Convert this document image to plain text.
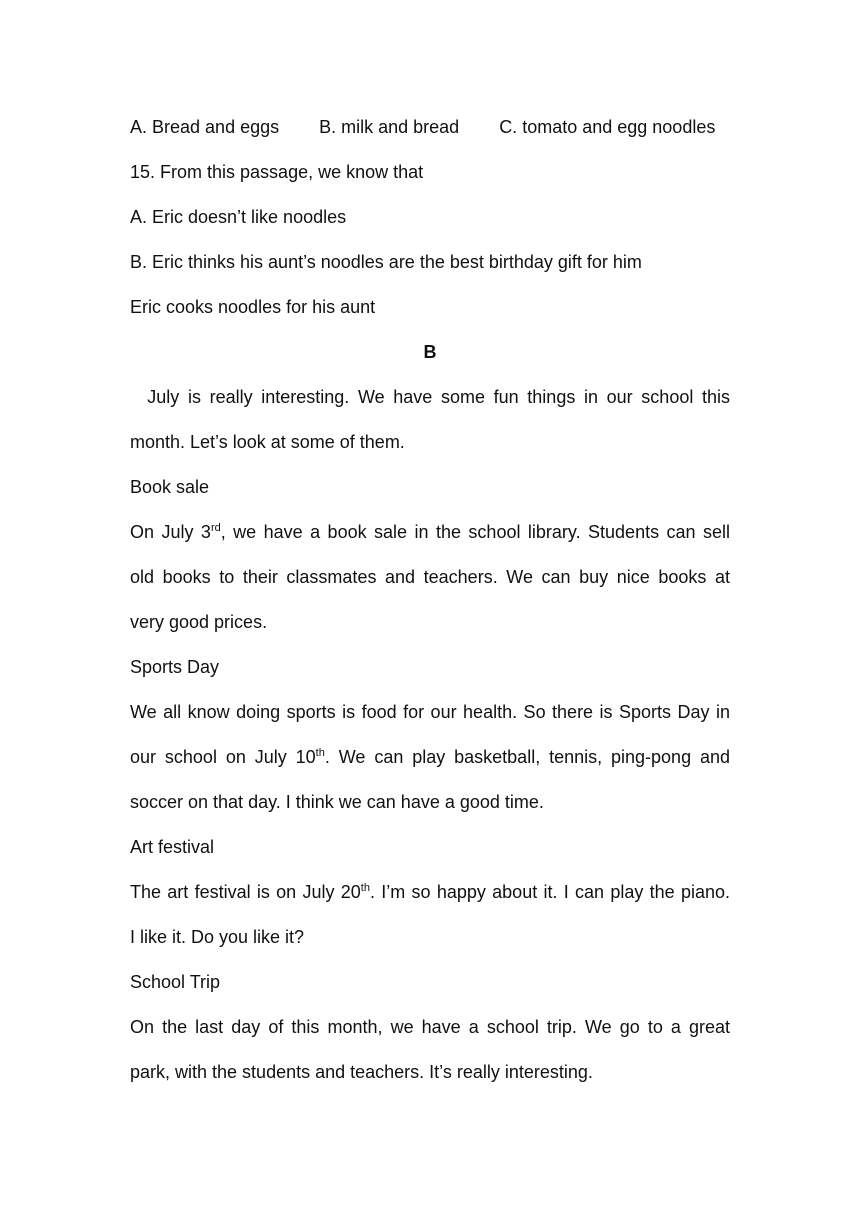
A. Bread and eggs B. milk and bread C. tomato and egg noodles
15. From this passage, we know that
A. Eric doesn’t like noodles
B. Eric thinks his aunt’s noodles are the best birthday gift for him
Eric cooks noodles for his aunt
B
July is really interesting. We have some fun things in our school this
month. Let’s look at some of them.
Book sale
On July 3rd, we have a book sale in the school library. Students can sell
old books to their classmates and teachers. We can buy nice books at
very good prices.
Sports Day
We all know doing sports is food for our health. So there is Sports Day in
our school on July 10th. We can play basketball, tennis, ping-pong and
soccer on that day. I think we can have a good time.
Art festival
The art festival is on July 20th. I’m so happy about it. I can play the piano.
I like it. Do you like it?
School Trip
On the last day of this month, we have a school trip. We go to a great
park, with the students and teachers. It’s really interesting.
